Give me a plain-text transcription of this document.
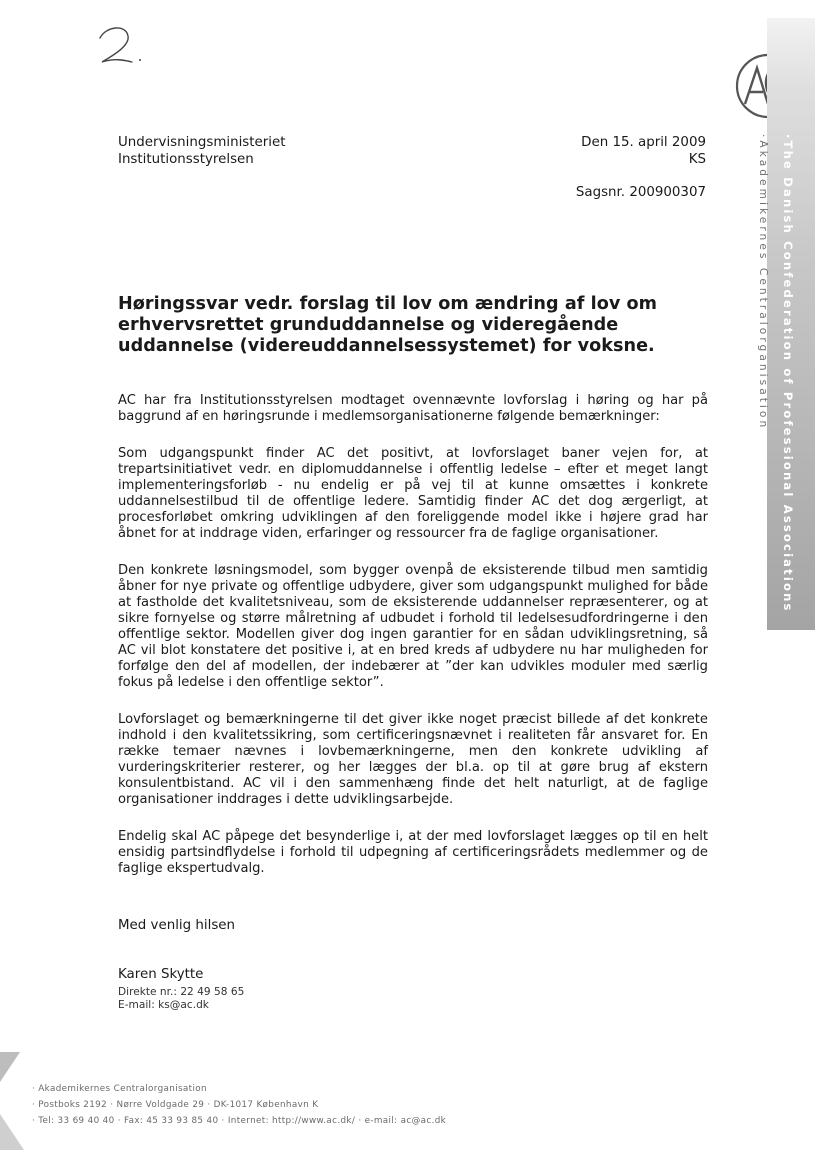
2
AC
·The Danish Confederation of Professional Associations
·Akademikernes Centralorganisation
Undervisningsministeriet
Institutionsstyrelsen
Den 15. april 2009
KS
Sagsnr. 200900307
Høringssvar vedr. forslag til lov om ændring af lov om erhvervsrettet grunduddannelse og videregående uddannelse (videreuddannelsessystemet) for voksne.

AC har fra Institutionsstyrelsen modtaget ovennævnte lovforslag i høring og har på baggrund af en høringsrunde i medlemsorganisationerne følgende bemærkninger:

Som udgangspunkt finder AC det positivt, at lovforslaget baner vejen for, at trepartsinitiativet vedr. en diplomuddannelse i offentlig ledelse – efter et meget langt implementeringsforløb - nu endelig er på vej til at kunne omsættes i konkrete uddannelsestilbud til de offentlige ledere. Samtidig finder AC det dog ærgerligt, at procesforløbet omkring udviklingen af den foreliggende model ikke i højere grad har åbnet for at inddrage viden, erfaringer og ressourcer fra de faglige organisationer.

Den konkrete løsningsmodel, som bygger ovenpå de eksisterende tilbud men samtidig åbner for nye private og offentlige udbydere, giver som udgangspunkt mulighed for både at fastholde det kvalitetsniveau, som de eksisterende uddannelser repræsenterer, og at sikre fornyelse og større målretning af udbudet i forhold til ledelsesudfordringerne i den offentlige sektor. Modellen giver dog ingen garantier for en sådan udviklingsretning, så AC vil blot konstatere det positive i, at en bred kreds af udbydere nu har muligheden for forfølge den del af modellen, der indebærer at ”der kan udvikles moduler med særlig fokus på ledelse i den offentlige sektor”.

Lovforslaget og bemærkningerne til det giver ikke noget præcist billede af det konkrete indhold i den kvalitetssikring, som certificeringsnævnet i realiteten får ansvaret for. En række temaer nævnes i lovbemærkningerne, men den konkrete udvikling af vurderingskriterier resterer, og her lægges der bl.a. op til at gøre brug af ekstern konsulentbistand. AC vil i den sammenhæng finde det helt naturligt, at de faglige organisationer inddrages i dette udviklingsarbejde.

Endelig skal AC påpege det besynderlige i, at der med lovforslaget lægges op til en helt ensidig partsindflydelse i forhold til udpegning af certificeringsrådets medlemmer og de faglige ekspertudvalg.

Med venlig hilsen
Karen Skytte
Direkte nr.: 22 49 58 65
E-mail: ks@ac.dk
· Akademikernes Centralorganisation
· Postboks 2192 · Nørre Voldgade 29 · DK-1017 København K
· Tel: 33 69 40 40 · Fax: 45 33 93 85 40 · Internet: http://www.ac.dk/ · e-mail: ac@ac.dk
